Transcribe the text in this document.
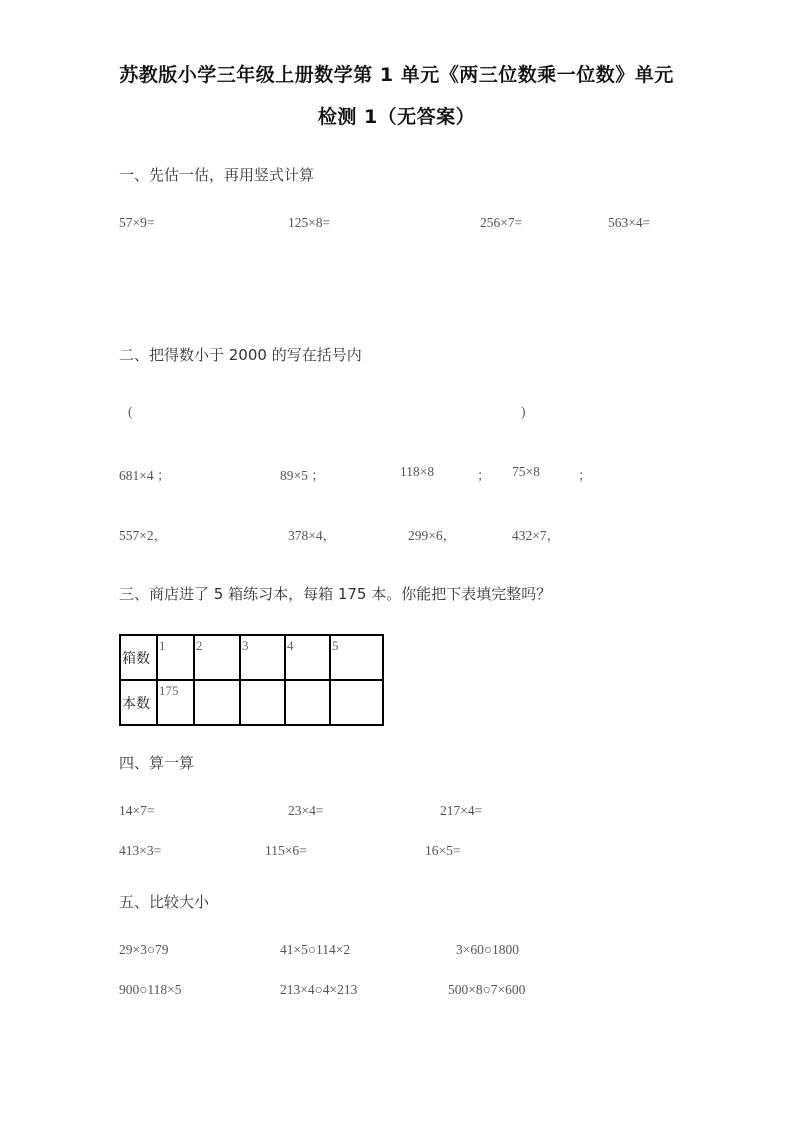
苏教版小学三年级上册数学第 1 单元《两三位数乘一位数》单元
检测 1（无答案）
一、先估一估，再用竖式计算
57×9=	125×8=	256×7=	563×4=
二、把得数小于 2000 的写在括号内
(	)
681×4 ；	89×5 ；	118×8	； 75×8	；
557×2，	378×4，	299×6，	432×7，
三、商店进了 5 箱练习本，每箱 175 本。你能把下表填完整吗？
箱数	1	2	3	4	5
本数	175				
四、算一算
14×7=	23×4=	217×4=
413×3=	115×6=	16×5=
五、比较大小
29×3○79	41×5○114×2	3×60○1800
900○118×5	213×4○4×213	500×8○7×600
